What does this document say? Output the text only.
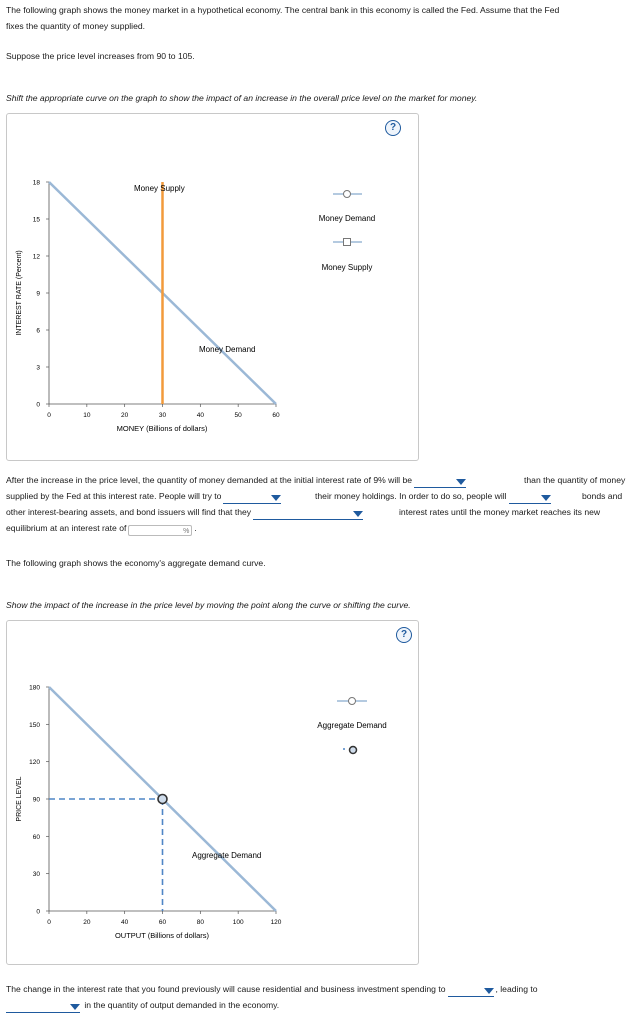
The following graph shows the money market in a hypothetical economy. The central bank in this economy is called the Fed. Assume that the Fed
fixes the quantity of money supplied.
Suppose the price level increases from 90 to 105.
Shift the appropriate curve on the graph to show the impact of an increase in the overall price level on the market for money.
?
18
15
12
9
6
3
0
0	10	20	30	40	50	60
Money Supply
Money Demand
MONEY (Billions of dollars)
INTEREST RATE (Percent)
Money Demand
Money Supply
After the increase in the price level, the quantity of money demanded at the initial interest rate of 9% will be	than the quantity of money
supplied by the Fed at this interest rate. People will try to	their money holdings. In order to do so, people will	bonds and
other interest-bearing assets, and bond issuers will find that they	interest rates until the money market reaches its new
equilibrium at an interest rate of	% .
The following graph shows the economy's aggregate demand curve.
Show the impact of the increase in the price level by moving the point along the curve or shifting the curve.
?
180
150
120
90
60
30
0
0	20	40	60	80	100	120
Aggregate Demand
OUTPUT (Billions of dollars)
PRICE LEVEL
Aggregate Demand
The change in the interest rate that you found previously will cause residential and business investment spending to	, leading to
in the quantity of output demanded in the economy.
